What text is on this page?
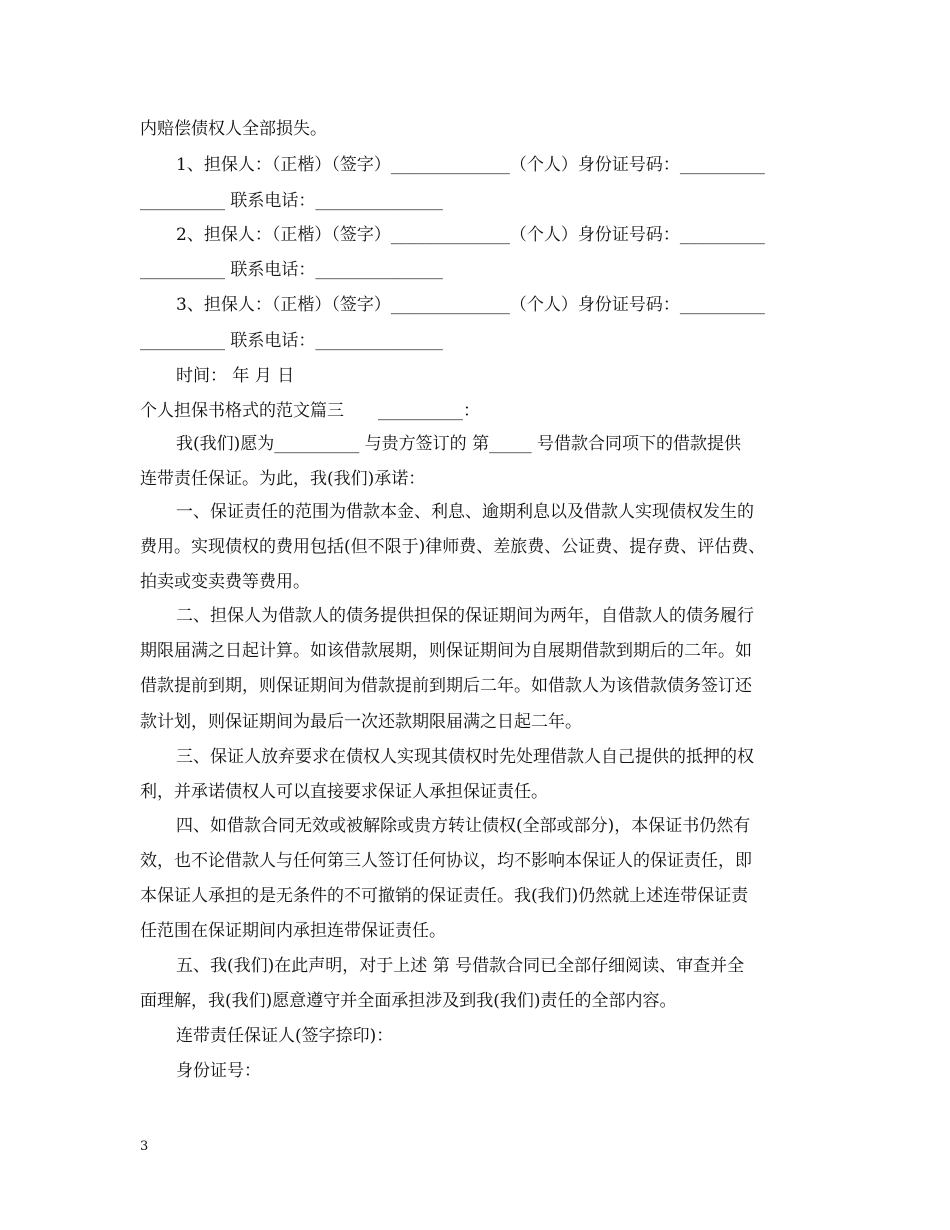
内赔偿债权人全部损失。
1、担保人：（正楷）（签字）______________（个人）身份证号码：__________
__________ 联系电话：_______________
2、担保人：（正楷）（签字）______________（个人）身份证号码：__________
__________ 联系电话：_______________
3、担保人：（正楷）（签字）______________（个人）身份证号码：__________
__________ 联系电话：_______________
时间： 年 月 日
个人担保书格式的范文篇三　　__________：
我(我们)愿为__________ 与贵方签订的 第_____ 号借款合同项下的借款提供
连带责任保证。为此，我(我们)承诺：
一、保证责任的范围为借款本金、利息、逾期利息以及借款人实现债权发生的
费用。实现债权的费用包括(但不限于)律师费、差旅费、公证费、提存费、评估费、
拍卖或变卖费等费用。
二、担保人为借款人的债务提供担保的保证期间为两年，自借款人的债务履行
期限届满之日起计算。如该借款展期，则保证期间为自展期借款到期后的二年。如
借款提前到期，则保证期间为借款提前到期后二年。如借款人为该借款债务签订还
款计划，则保证期间为最后一次还款期限届满之日起二年。
三、保证人放弃要求在债权人实现其债权时先处理借款人自己提供的抵押的权
利，并承诺债权人可以直接要求保证人承担保证责任。
四、如借款合同无效或被解除或贵方转让债权(全部或部分)，本保证书仍然有
效，也不论借款人与任何第三人签订任何协议，均不影响本保证人的保证责任，即
本保证人承担的是无条件的不可撤销的保证责任。我(我们)仍然就上述连带保证责
任范围在保证期间内承担连带保证责任。
五、我(我们)在此声明，对于上述 第 号借款合同已全部仔细阅读、审查并全
面理解，我(我们)愿意遵守并全面承担涉及到我(我们)责任的全部内容。
连带责任保证人(签字捺印)：
身份证号：
3
